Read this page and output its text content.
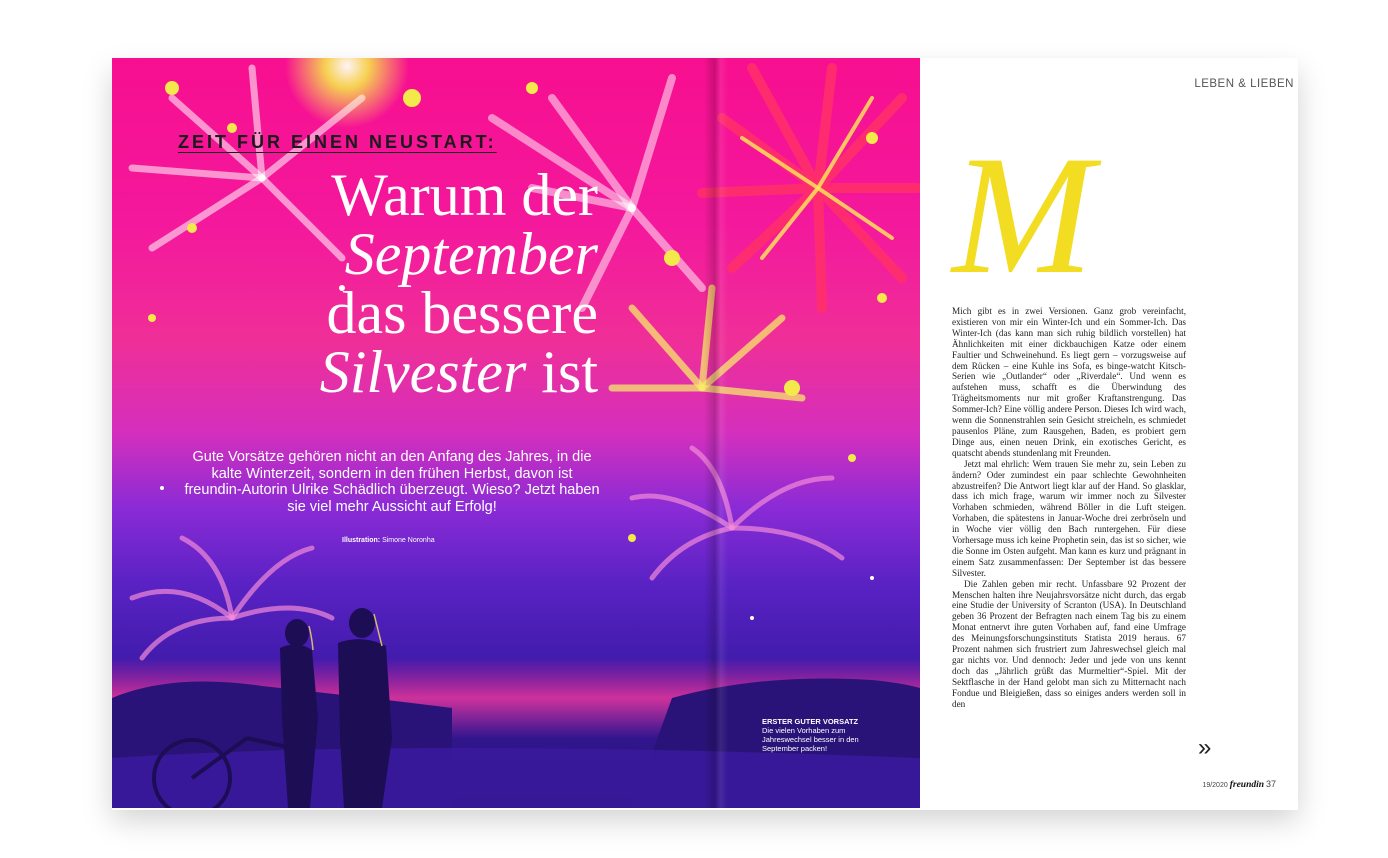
ZEIT FÜR EINEN NEUSTART:
Warum der
September
das bessere
Silvester ist
Gute Vorsätze gehören nicht an den Anfang des Jahres, in die kalte Winterzeit, sondern in den frühen Herbst, davon ist freundin-Autorin Ulrike Schädlich überzeugt. Wieso? Jetzt haben sie viel mehr Aussicht auf Erfolg!
Illustration: Simone Noronha
ERSTER GUTER VORSATZ Die vielen Vorhaben zum Jahreswechsel besser in den September packen!
LEBEN & LIEBEN
M

Mich gibt es in zwei Versionen. Ganz grob vereinfacht, existieren von mir ein Winter-Ich und ein Sommer-Ich. Das Winter-Ich (das kann man sich ruhig bildlich vorstellen) hat Ähnlichkeiten mit einer dickbauchigen Katze oder einem Faultier und Schweinehund. Es liegt gern – vorzugsweise auf dem Rücken – eine Kuhle ins Sofa, es binge-watcht Kitsch-Serien wie „Outlander“ oder „Riverdale“. Und wenn es aufstehen muss, schafft es die Überwindung des Trägheitsmoments nur mit großer Kraftanstrengung. Das Sommer-Ich? Eine völlig andere Person. Dieses Ich wird wach, wenn die Sonnenstrahlen sein Gesicht streicheln, es schmiedet pausenlos Pläne, zum Rausgehen, Baden, es probiert gern Dinge aus, einen neuen Drink, ein exotisches Gericht, es quatscht abends stundenlang mit Freunden.

Jetzt mal ehrlich: Wem trauen Sie mehr zu, sein Leben zu ändern? Oder zumindest ein paar schlechte Gewohnheiten abzustreifen? Die Antwort liegt klar auf der Hand. So glasklar, dass ich mich frage, warum wir immer noch zu Silvester Vorhaben schmieden, während Böller in die Luft steigen. Vorhaben, die spätestens in Januar-Woche drei zerbröseln und in Woche vier völlig den Bach runtergehen. Für diese Vorhersage muss ich keine Prophetin sein, das ist so sicher, wie die Sonne im Osten aufgeht. Man kann es kurz und prägnant in einem Satz zusammenfassen: Der September ist das bessere Silvester.

Die Zahlen geben mir recht. Unfassbare 92 Prozent der Menschen halten ihre Neujahrsvorsätze nicht durch, das ergab eine Studie der University of Scranton (USA). In Deutschland geben 36 Prozent der Befragten nach einem Tag bis zu einem Monat entnervt ihre guten Vorhaben auf, fand eine Umfrage des Meinungsforschungsinstituts Statista 2019 heraus. 67 Prozent nahmen sich frustriert zum Jahreswechsel gleich mal gar nichts vor. Und dennoch: Jeder und jede von uns kennt doch das „Jährlich grüßt das Murmeltier“-Spiel. Mit der Sektflasche in der Hand gelobt man sich zu Mitternacht nach Fondue und Bleigießen, dass so einiges anders werden soll in den

»
19/2020 freundin 37
